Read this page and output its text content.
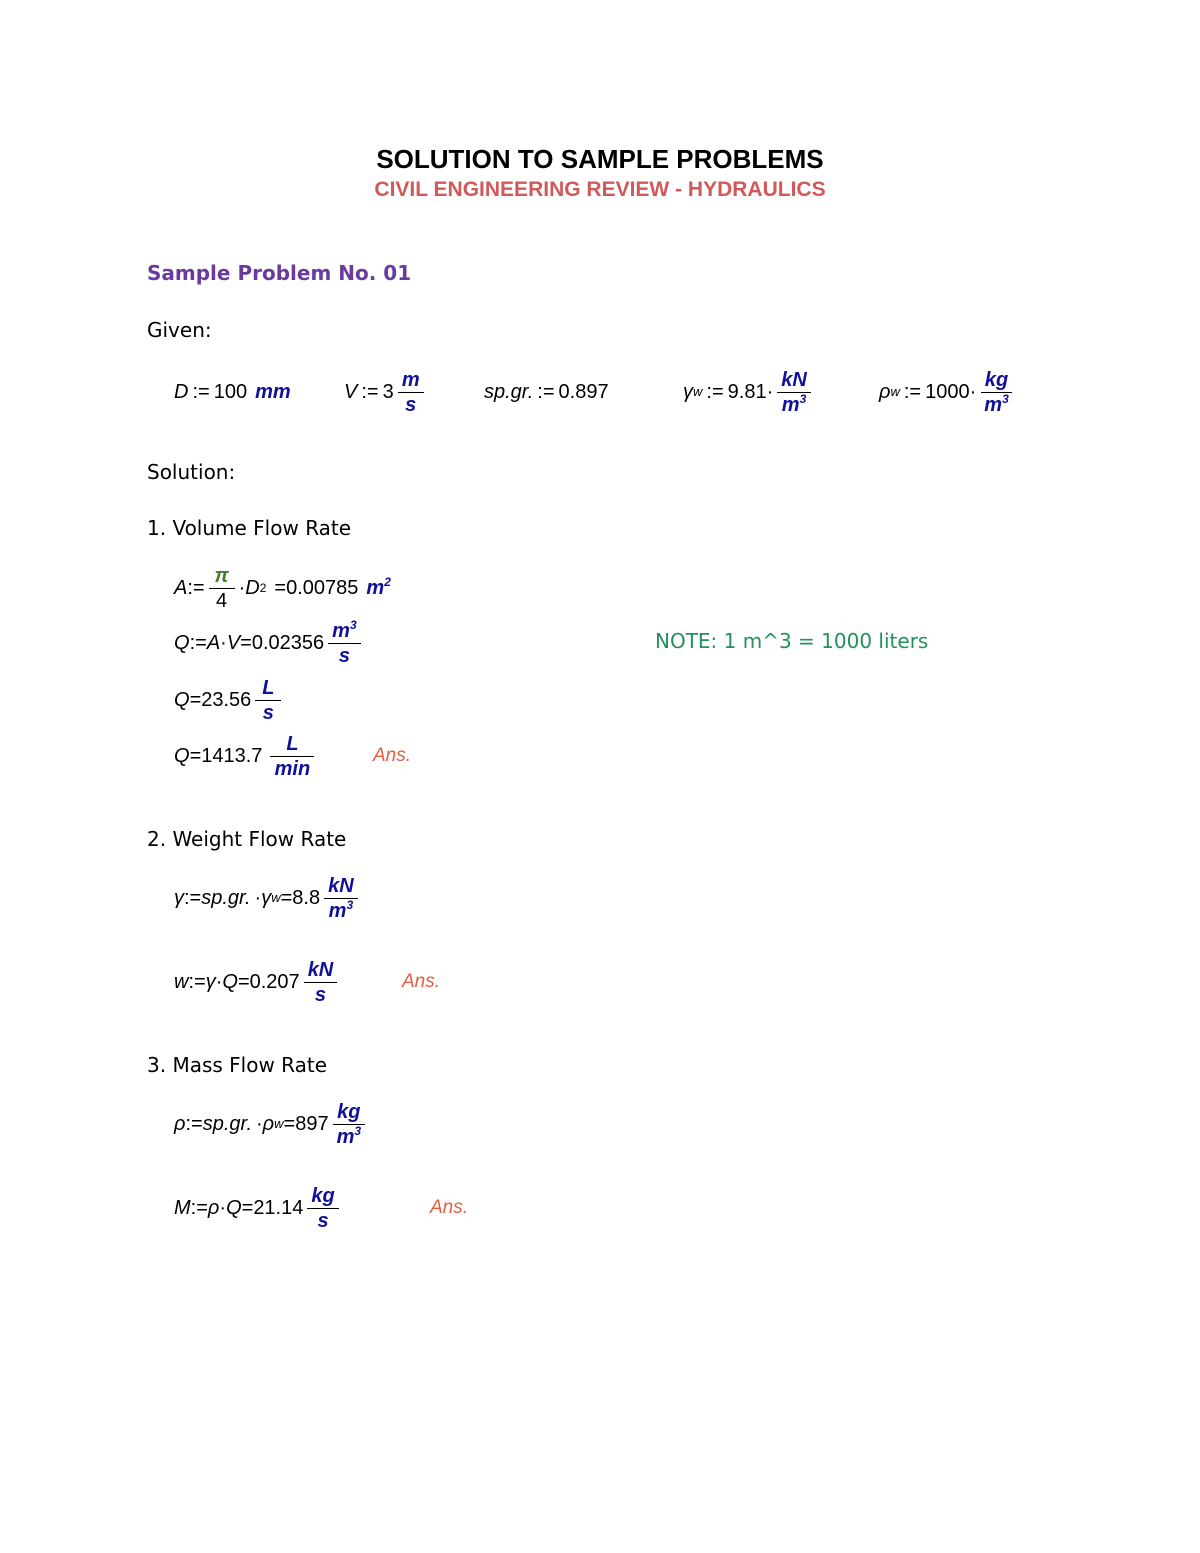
SOLUTION TO SAMPLE PROBLEMS
CIVIL ENGINEERING REVIEW - HYDRAULICS
Sample Problem No. 01
Given:
D := 100 mm	V := $3 \frac{m}{s}$	sp.gr. := 0.897	γ w := $9.81 \cdot \frac{kN}{m^3}$	ρ w := $1000 \cdot \frac{kg}{m^3}$
Solution:
1. Volume Flow Rate
A := $\frac{\pi}{4} \cdot D$ 2 = 0.00785 $m^2$
Q := $A \cdot V = 0.02356 \frac{m^3}{s}$	NOTE: 1 m^3 = 1000 liters
$Q = 23.56 \frac{L}{s}$
$Q = 1413.7 \frac{L}{\min}$	Ans.
2. Weight Flow Rate
γ := sp.gr. · γ $w = 8.8 \frac{kN}{m^3}$
w := $\gamma \cdot Q = 0.207 \frac{kN}{s}$	Ans.
3. Mass Flow Rate
ρ := sp.gr. · ρ $w = 897 \frac{kg}{m^3}$
M := $\rho \cdot Q = 21.14 \frac{kg}{s}$	Ans.
